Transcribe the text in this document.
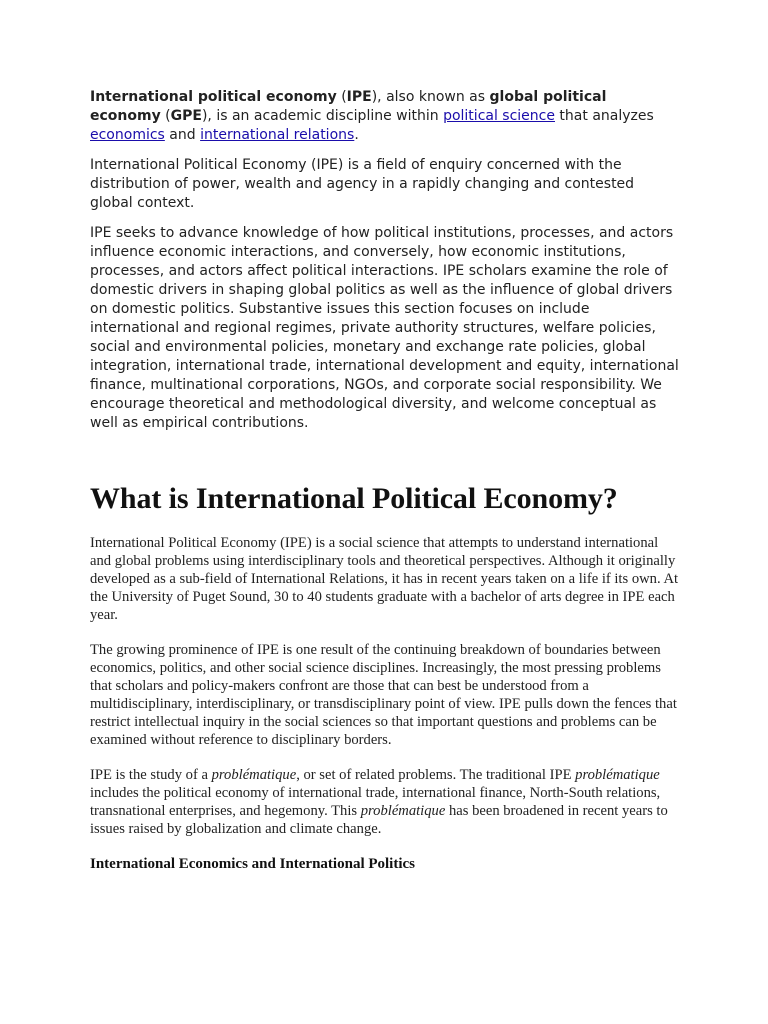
International political economy (IPE), also known as global political economy (GPE), is an academic discipline within political science that analyzes economics and international relations.

International Political Economy (IPE) is a field of enquiry concerned with the distribution of power, wealth and agency in a rapidly changing and contested global context.

IPE seeks to advance knowledge of how political institutions, processes, and actors influence economic interactions, and conversely, how economic institutions, processes, and actors affect political interactions. IPE scholars examine the role of domestic drivers in shaping global politics as well as the influence of global drivers on domestic politics. Substantive issues this section focuses on include international and regional regimes, private authority structures, welfare policies, social and environmental policies, monetary and exchange rate policies, global integration, international trade, international development and equity, international finance, multinational corporations, NGOs, and corporate social responsibility. We encourage theoretical and methodological diversity, and welcome conceptual as well as empirical contributions.

What is International Political Economy?

International Political Economy (IPE) is a social science that attempts to understand international and global problems using interdisciplinary tools and theoretical perspectives. Although it originally developed as a sub-field of International Relations, it has in recent years taken on a life if its own. At the University of Puget Sound, 30 to 40 students graduate with a bachelor of arts degree in IPE each year.

The growing prominence of IPE is one result of the continuing breakdown of boundaries between economics, politics, and other social science disciplines. Increasingly, the most pressing problems that scholars and policy-makers confront are those that can best be understood from a multidisciplinary, interdisciplinary, or transdisciplinary point of view. IPE pulls down the fences that restrict intellectual inquiry in the social sciences so that important questions and problems can be examined without reference to disciplinary borders.

IPE is the study of a problématique, or set of related problems. The traditional IPE problématique includes the political economy of international trade, international finance, North-South relations, transnational enterprises, and hegemony. This problématique has been broadened in recent years to issues raised by globalization and climate change.

International Economics and International Politics
